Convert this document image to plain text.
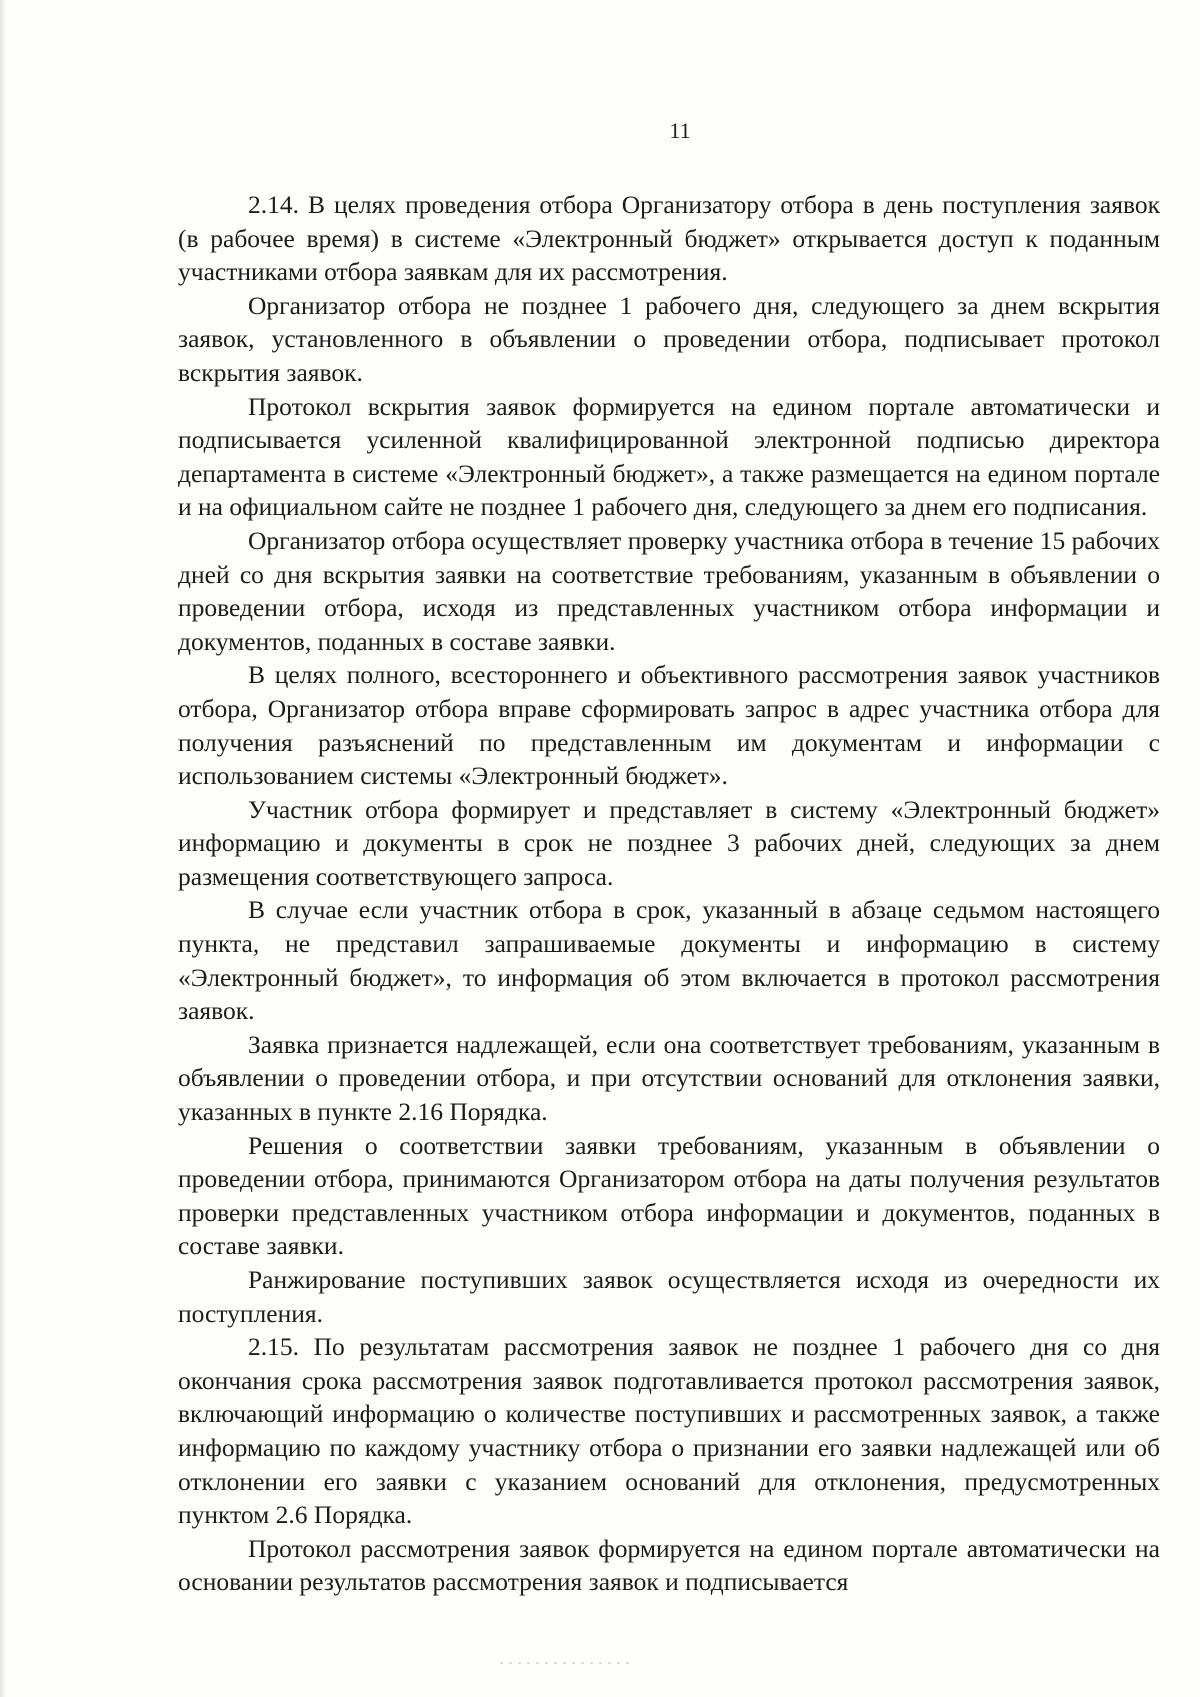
11

2.14. В целях проведения отбора Организатору отбора в день поступления заявок (в рабочее время) в системе «Электронный бюджет» открывается доступ к поданным участниками отбора заявкам для их рассмотрения.

Организатор отбора не позднее 1 рабочего дня, следующего за днем вскрытия заявок, установленного в объявлении о проведении отбора, подписывает протокол вскрытия заявок.

Протокол вскрытия заявок формируется на едином портале автоматически и подписывается усиленной квалифицированной электронной подписью директора департамента в системе «Электронный бюджет», а также размещается на едином портале и на официальном сайте не позднее 1 рабочего дня, следующего за днем его подписания.

Организатор отбора осуществляет проверку участника отбора в течение 15 рабочих дней со дня вскрытия заявки на соответствие требованиям, указанным в объявлении о проведении отбора, исходя из представленных участником отбора информации и документов, поданных в составе заявки.

В целях полного, всестороннего и объективного рассмотрения заявок участников отбора, Организатор отбора вправе сформировать запрос в адрес участника отбора для получения разъяснений по представленным им документам и информации с использованием системы «Электронный бюджет».

Участник отбора формирует и представляет в систему «Электронный бюджет» информацию и документы в срок не позднее 3 рабочих дней, следующих за днем размещения соответствующего запроса.

В случае если участник отбора в срок, указанный в абзаце седьмом настоящего пункта, не представил запрашиваемые документы и информацию в систему «Электронный бюджет», то информация об этом включается в протокол рассмотрения заявок.

Заявка признается надлежащей, если она соответствует требованиям, указанным в объявлении о проведении отбора, и при отсутствии оснований для отклонения заявки, указанных в пункте 2.16 Порядка.

Решения о соответствии заявки требованиям, указанным в объявлении о проведении отбора, принимаются Организатором отбора на даты получения результатов проверки представленных участником отбора информации и документов, поданных в составе заявки.

Ранжирование поступивших заявок осуществляется исходя из очередности их поступления.

2.15. По результатам рассмотрения заявок не позднее 1 рабочего дня со дня окончания срока рассмотрения заявок подготавливается протокол рассмотрения заявок, включающий информацию о количестве поступивших и рассмотренных заявок, а также информацию по каждому участнику отбора о признании его заявки надлежащей или об отклонении его заявки с указанием оснований для отклонения, предусмотренных пунктом 2.6 Порядка.

Протокол рассмотрения заявок формируется на едином портале автоматически на основании результатов рассмотрения заявок и подписывается
